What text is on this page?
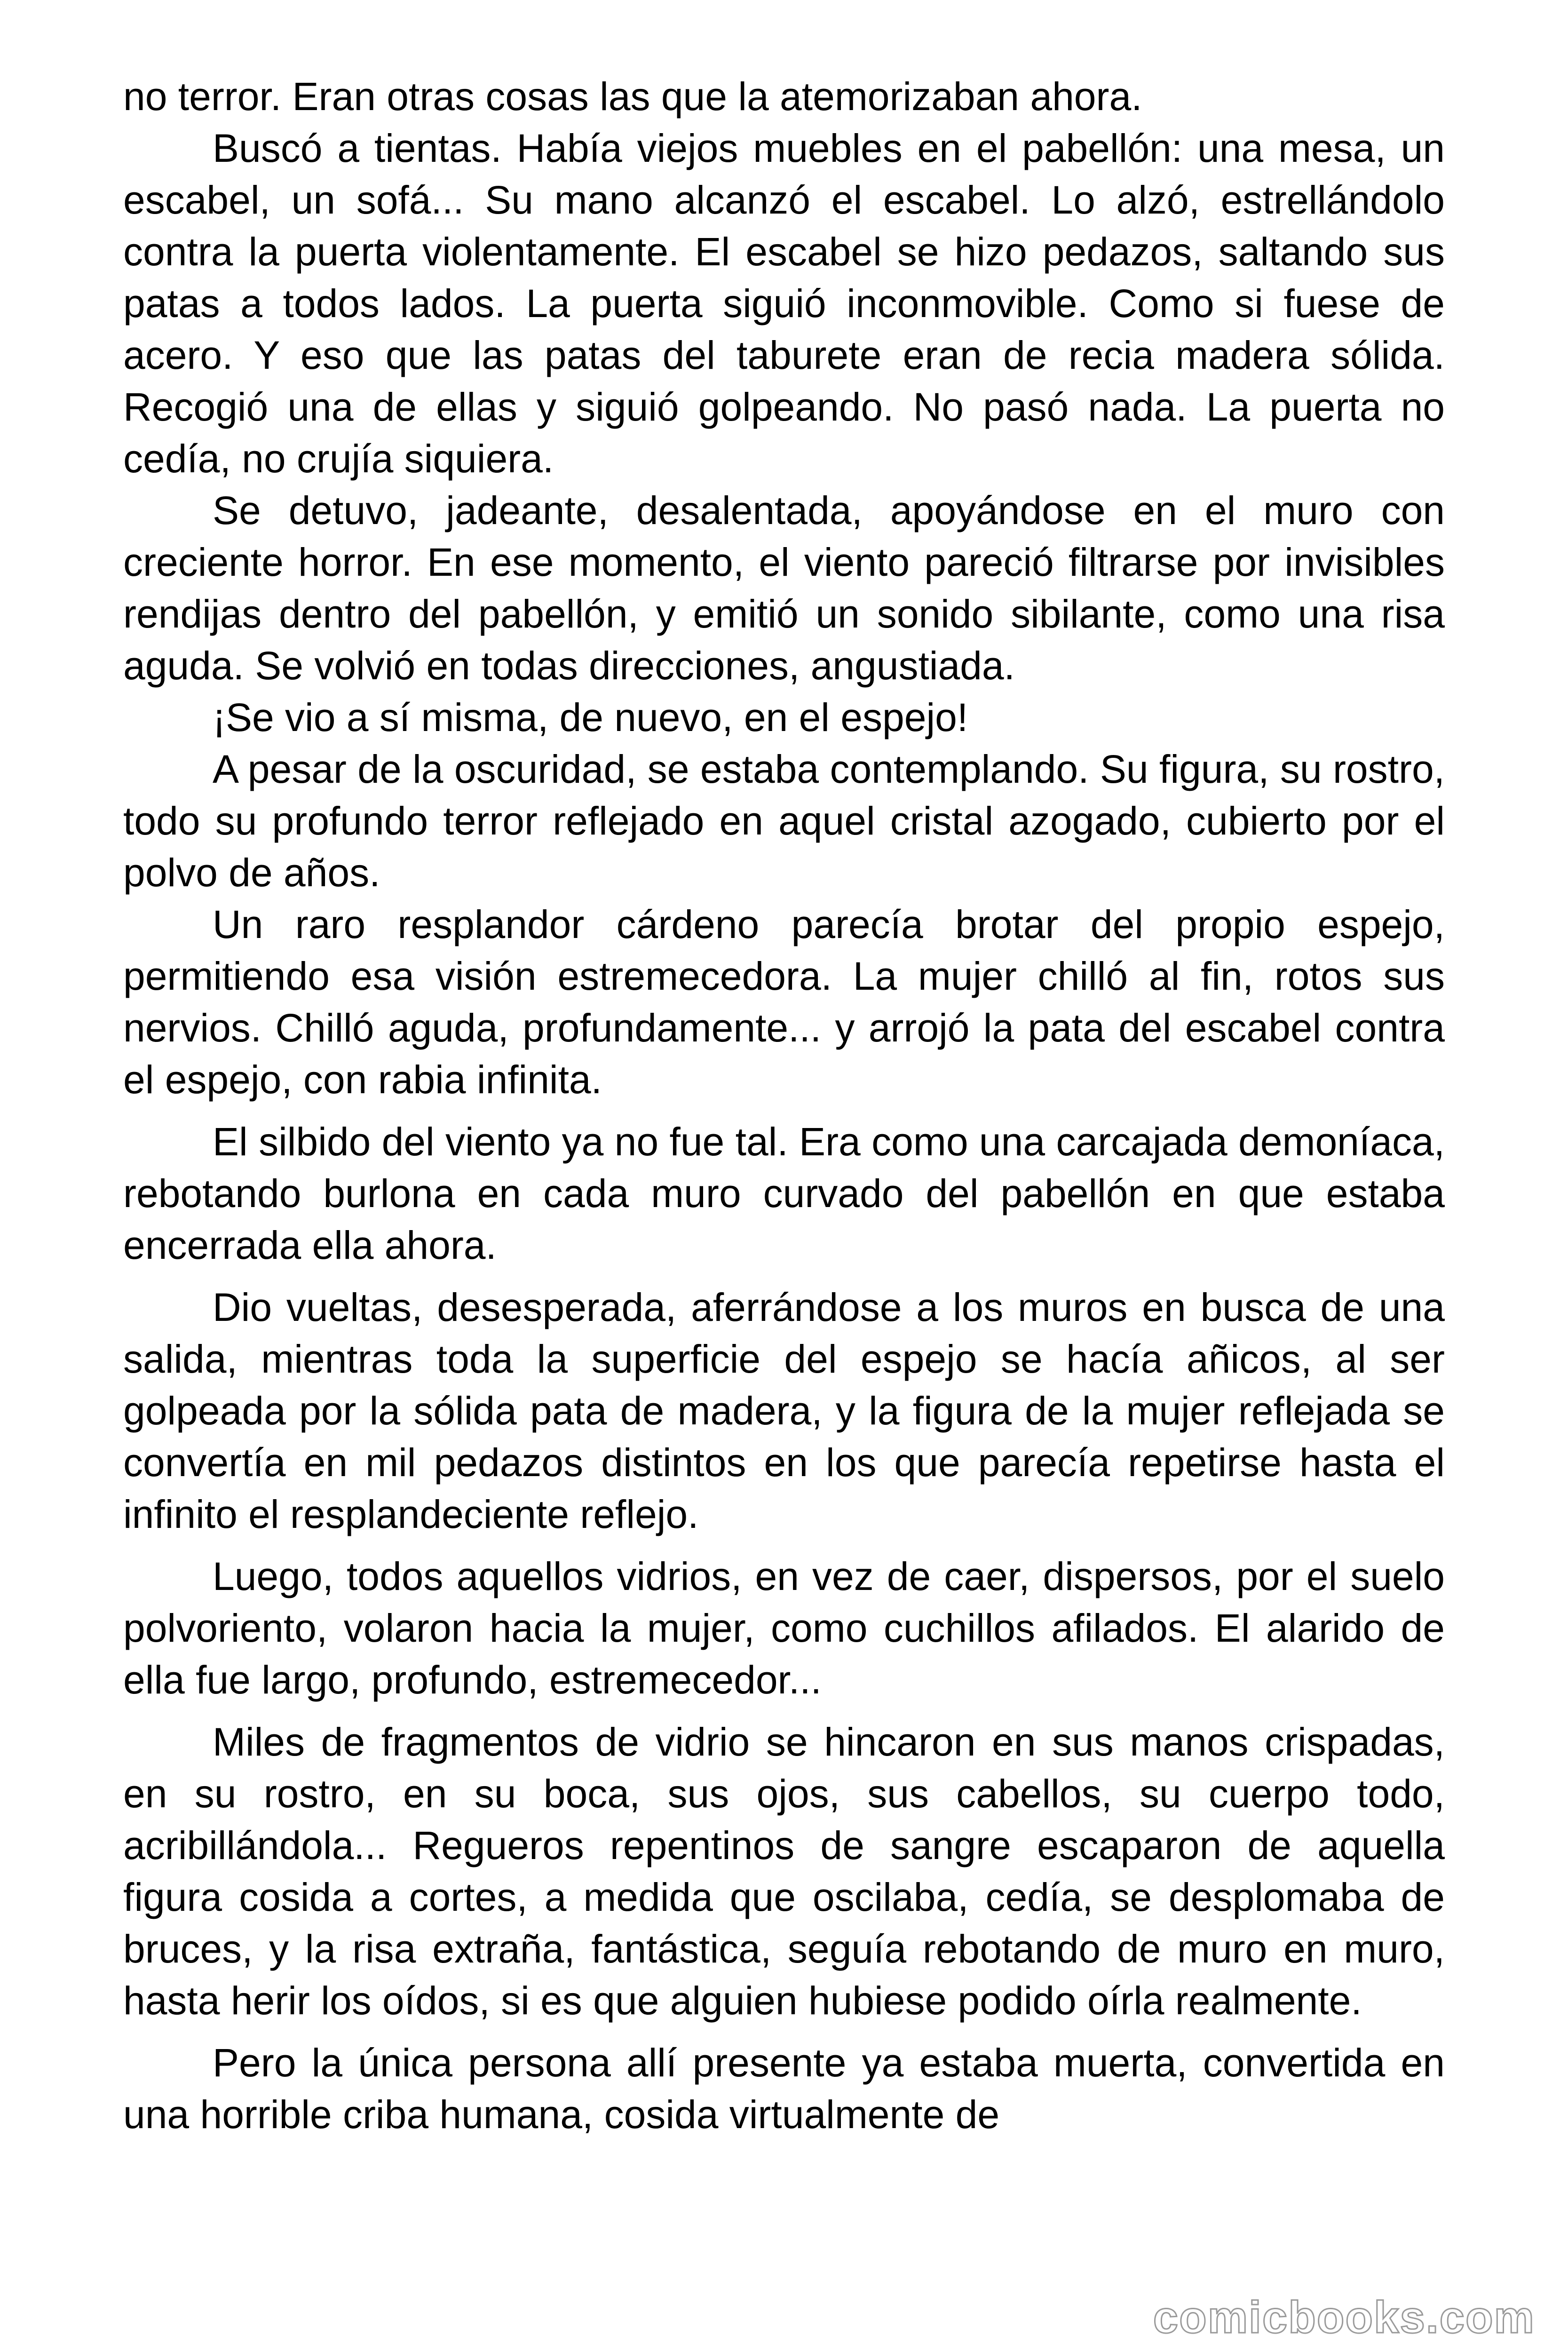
no terror. Eran otras cosas las que la atemorizaban ahora.

Buscó a tientas. Había viejos muebles en el pabellón: una mesa, un escabel, un sofá... Su mano alcanzó el escabel. Lo alzó, estrellándolo contra la puerta violentamente. El escabel se hizo pedazos, saltando sus patas a todos lados. La puerta siguió inconmovible. Como si fuese de acero. Y eso que las patas del taburete eran de recia madera sólida. Recogió una de ellas y siguió golpeando. No pasó nada. La puerta no cedía, no crujía siquiera.

Se detuvo, jadeante, desalentada, apoyándose en el muro con creciente horror. En ese momento, el viento pareció filtrarse por invisibles rendijas dentro del pabellón, y emitió un sonido sibilante, como una risa aguda. Se volvió en todas direcciones, angustiada.

¡Se vio a sí misma, de nuevo, en el espejo!

A pesar de la oscuridad, se estaba contemplando. Su figura, su rostro, todo su profundo terror reflejado en aquel cristal azogado, cubierto por el polvo de años.

Un raro resplandor cárdeno parecía brotar del propio espejo, permitiendo esa visión estremecedora. La mujer chilló al fin, rotos sus nervios. Chilló aguda, profundamente... y arrojó la pata del escabel contra el espejo, con rabia infinita.

El silbido del viento ya no fue tal. Era como una carcajada demoníaca, rebotando burlona en cada muro curvado del pabellón en que estaba encerrada ella ahora.

Dio vueltas, desesperada, aferrándose a los muros en busca de una salida, mientras toda la superficie del espejo se hacía añicos, al ser golpeada por la sólida pata de madera, y la figura de la mujer reflejada se convertía en mil pedazos distintos en los que parecía repetirse hasta el infinito el resplandeciente reflejo.

Luego, todos aquellos vidrios, en vez de caer, dispersos, por el suelo polvoriento, volaron hacia la mujer, como cuchillos afilados. El alarido de ella fue largo, profundo, estremecedor...

Miles de fragmentos de vidrio se hincaron en sus manos crispadas, en su rostro, en su boca, sus ojos, sus cabellos, su cuerpo todo, acribillándola... Regueros repentinos de sangre escaparon de aquella figura cosida a cortes, a medida que oscilaba, cedía, se desplomaba de bruces, y la risa extraña, fantástica, seguía rebotando de muro en muro, hasta herir los oídos, si es que alguien hubiese podido oírla realmente.

Pero la única persona allí presente ya estaba muerta, convertida en una horrible criba humana, cosida virtualmente de

comicbooks.com
